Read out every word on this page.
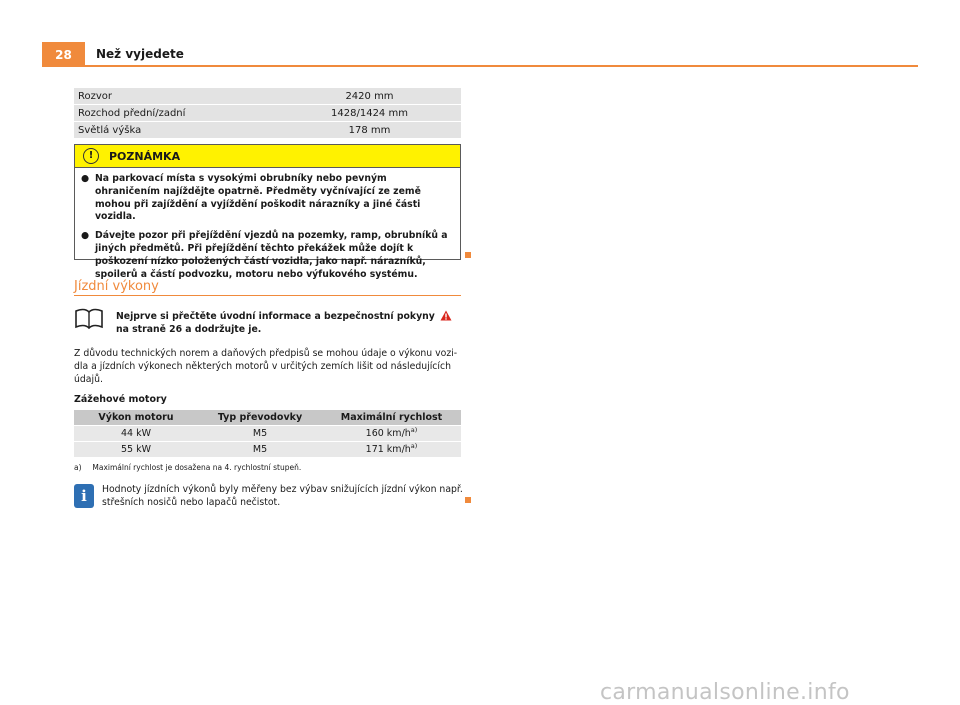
28	Než vyjedete
Rozvor	2420 mm
Rozchod přední/zadní	1428/1424 mm
Světlá výška	178 mm
!	POZNÁMKA
● Na parkovací místa s vysokými obrubníky nebo pevným ohraničením najíždějte opatrně. Předměty vyčnívající ze země mohou při zajíždění a vyjíždění poškodit nárazníky a jiné části vozidla.
● Dávejte pozor při přejíždění vjezdů na pozemky, ramp, obrubníků a jiných předmětů. Při přejíždění těchto překážek může dojít k poškození nízko položených částí vozidla, jako např. nárazníků, spoilerů a částí podvozku, motoru nebo výfukového systému.
Jízdní výkony
Nejprve si přečtěte úvodní informace a bezpečnostní pokyny  na straně 26 a dodržujte je.
Z důvodu technických norem a daňových předpisů se mohou údaje o výkonu vozidla a jízdních výkonech některých motorů v určitých zemích lišit od následujících údajů.
Zážehové motory
Výkon motoru	Typ převodovky	Maximální rychlost
44 kW	M5	160 $km/h^{a)}$
55 kW	M5	171 $km/h^{a)}$
a) Maximální rychlost je dosažena na 4. rychlostní stupeň.
i	Hodnoty jízdních výkonů byly měřeny bez výbav snižujících jízdní výkon např. střešních nosičů nebo lapačů nečistot.
carmanualsonline.info
